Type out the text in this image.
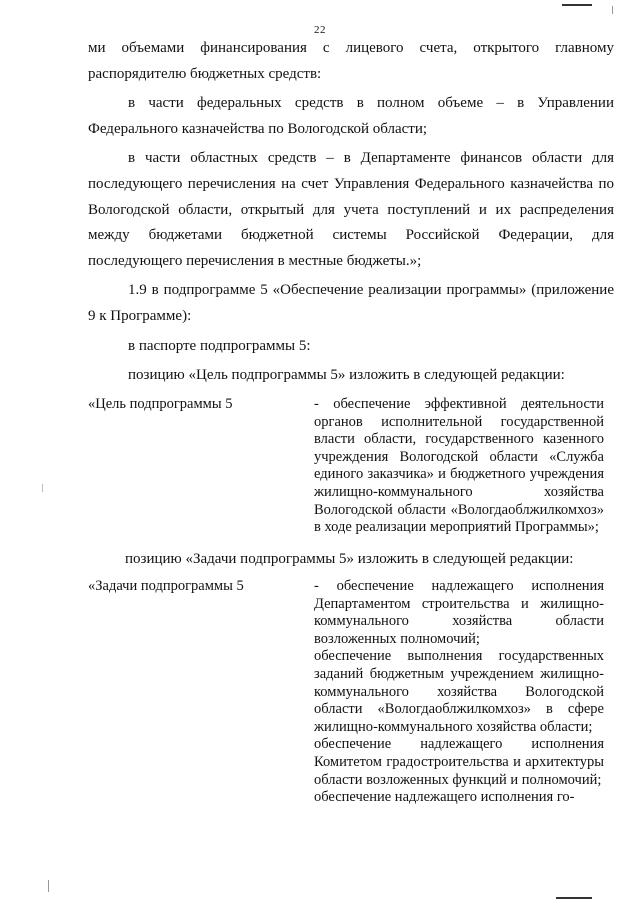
22

ми объемами финансирования с лицевого счета, открытого главному распорядителю бюджетных средств:

в части федеральных средств в полном объеме – в Управлении Федерального казначейства по Вологодской области;

в части областных средств – в Департаменте финансов области для последующего перечисления на счет Управления Федерального казначейства по Вологодской области, открытый для учета поступлений и их распределения между бюджетами бюджетной системы Российской Федерации, для последующего перечисления в местные бюджеты.»;

1.9 в подпрограмме 5 «Обеспечение реализации программы» (приложение 9 к Программе):

в паспорте подпрограммы 5:

позицию «Цель подпрограммы 5» изложить в следующей редакции:

«Цель подпрограммы 5	- обеспечение эффективной деятельности органов исполнительной государственной власти области, государственного казенного учреждения Вологодской области «Служба единого заказчика» и бюджетного учреждения жилищно-коммунального хозяйства Вологодской области «Вологдаоблжилкомхоз» в ходе реализации мероприятий Программы»;

позицию «Задачи подпрограммы 5» изложить в следующей редакции:
«Задачи подпрограммы 5	- обеспечение надлежащего исполнения Департаментом строительства и жилищно-коммунального хозяйства области возложенных полномочий;

обеспечение выполнения государственных заданий бюджетным учреждением жилищно-коммунального хозяйства Вологодской области «Вологдаоблжилкомхоз» в сфере жилищно-коммунального хозяйства области;

обеспечение надлежащего исполнения Комитетом градостроительства и архитектуры области возложенных функций и полномочий;

обеспечение надлежащего исполнения го-
